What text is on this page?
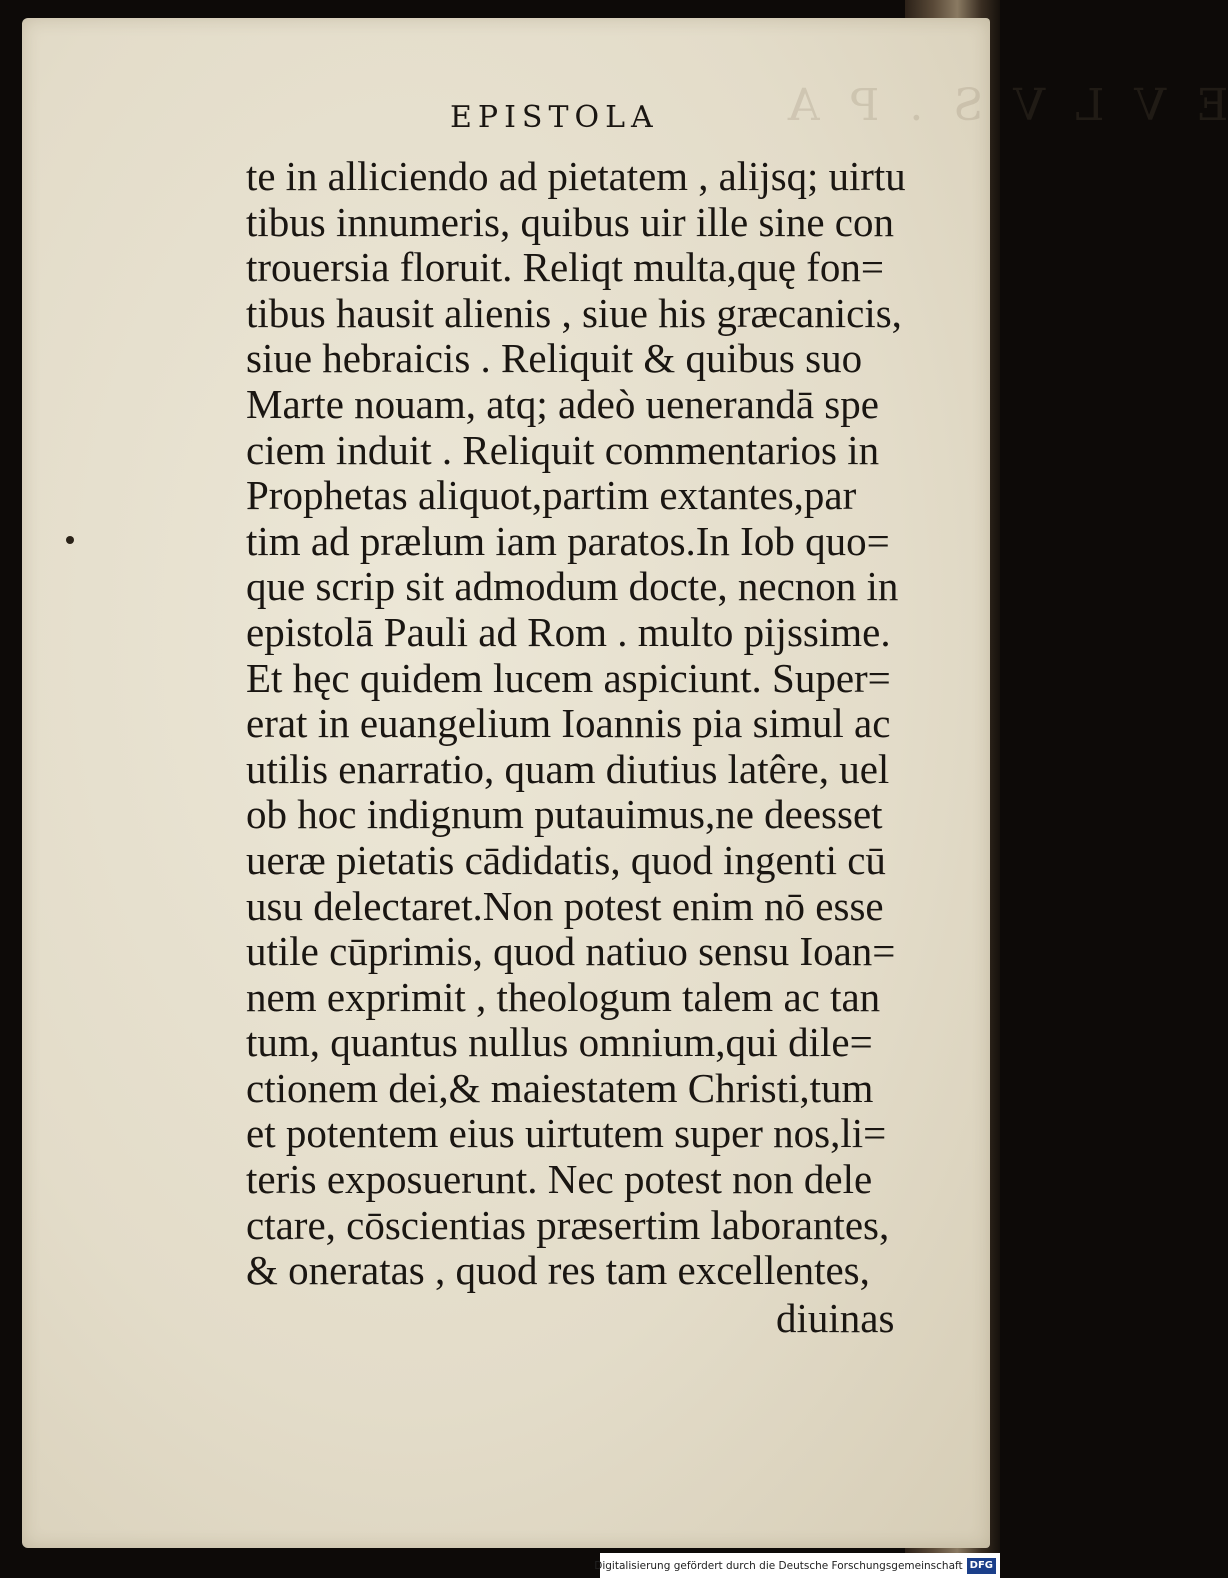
E V L V S . P A
EPISTOLA
te in alliciendo ad pietatem , alijsq; uirtu
tibus innumeris, quibus uir ille sine con
trouersia floruit. Reliqt multa,quę fon=
tibus hausit alienis , siue his græcanicis,
siue hebraicis . Reliquit & quibus suo
Marte nouam, atq; adeò uenerandā spe
ciem induit . Reliquit commentarios in
Prophetas aliquot,partim extantes,par
tim ad prælum iam paratos.In Iob quo=
que scrip sit admodum docte, necnon in
epistolā Pauli ad Rom . multo pijssime.
Et hęc quidem lucem aspiciunt. Super=
erat in euangelium Ioannis pia simul ac
utilis enarratio, quam diutius latêre, uel
ob hoc indignum putauimus,ne deesset
ueræ pietatis cādidatis, quod ingenti cū
usu delectaret.Non potest enim nō esse
utile cūprimis, quod natiuo sensu Ioan=
nem exprimit , theologum talem ac tan
tum, quantus nullus omnium,qui dile=
ctionem dei,& maiestatem Christi,tum
et potentem eius uirtutem super nos,li=
teris exposuerunt. Nec potest non dele
ctare, cōscientias præsertim laborantes,
& oneratas , quod res tam excellentes,
diuinas
Digitalisierung gefördert durch die Deutsche Forschungsgemeinschaft DFG
